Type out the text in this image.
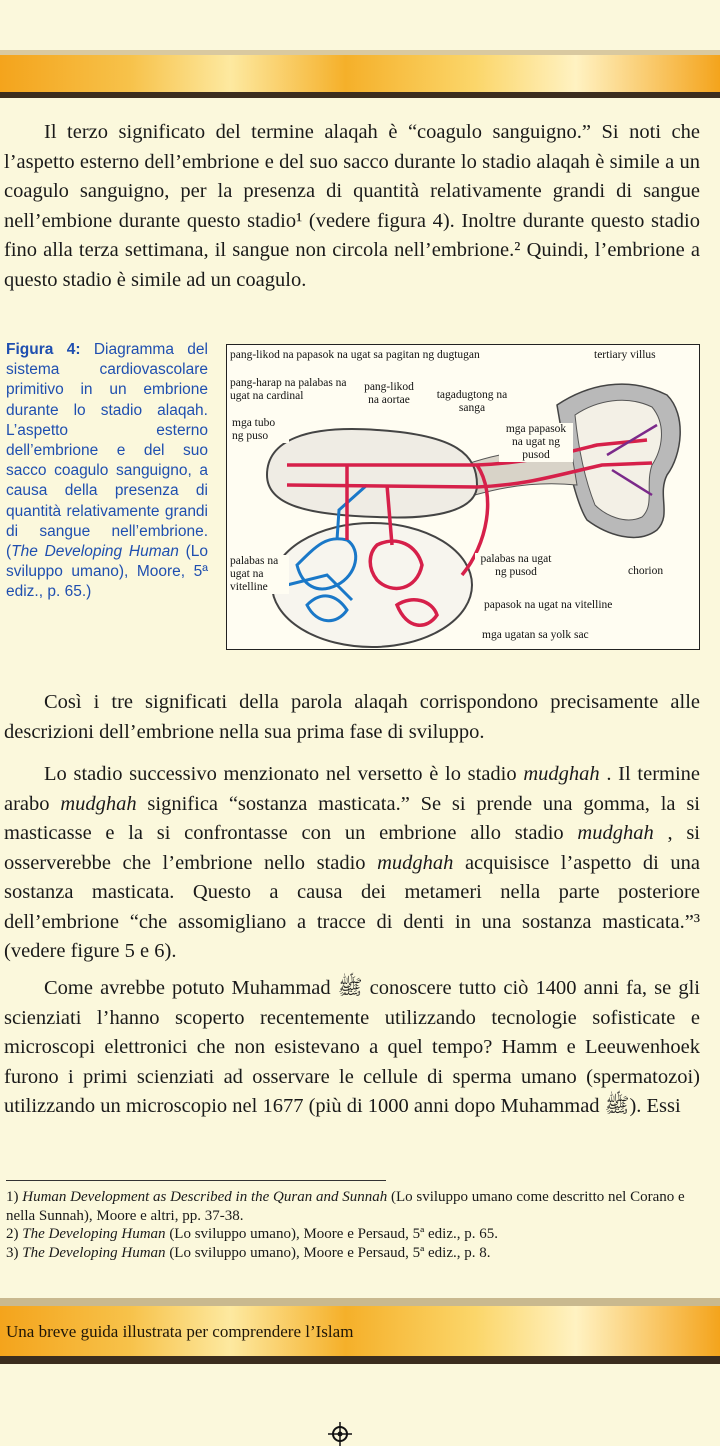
Il terzo significato del termine alaqah è “coagulo sanguigno.” Si noti che l’aspetto esterno dell’embrione e del suo sacco durante lo stadio alaqah è simile a un coagulo sanguigno, per la presenza di quantità relativamente grandi di sangue nell’embione durante questo stadio¹ (vedere figura 4). Inoltre durante questo stadio fino alla terza settimana, il sangue non circola nell’embrione.² Quindi, l’embrione a questo stadio è simile ad un coagulo.

Figura 4: Diagramma del sistema cardiovascolare primitivo in un embrione durante lo stadio alaqah. L’aspetto esterno dell’embrione e del suo sacco coagulo sanguigno, a causa della presenza di quantità relativamente grandi di sangue nell’embrione. (The Developing Human (Lo sviluppo umano), Moore, 5ª ediz., p. 65.)

pang-likod na papasok na ugat sa pagitan ng dugtugan	tertiary villus
pang-harap na palabas na ugat na cardinal
pang-likod na aortae	tagadugtong na sanga
mga tubo ng puso
mga papasok na ugat ng pusod
palabas na ugat na vitelline
palabas na ugat ng pusod	chorion
papasok na ugat na vitelline
mga ugatan sa yolk sac

Così i tre significati della parola alaqah corrispondono precisamente alle descrizioni dell’embrione nella sua prima fase di sviluppo.

Lo stadio successivo menzionato nel versetto è lo stadio mudghah . Il termine arabo mudghah significa “sostanza masticata.” Se si prende una gomma, la si masticasse e la si confrontasse con un embrione allo stadio mudghah , si osserverebbe che l’embrione nello stadio mudghah acquisisce l’aspetto di una sostanza masticata. Questo a causa dei metameri nella parte posteriore dell’embrione “che assomigliano a tracce di denti in una sostanza masticata.”³ (vedere figure 5 e 6).

Come avrebbe potuto Muhammad ﷺ conoscere tutto ciò 1400 anni fa, se gli scienziati l’hanno scoperto recentemente utilizzando tecnologie sofisticate e microscopi elettronici che non esistevano a quel tempo? Hamm e Leeuwenhoek furono i primi scienziati ad osservare le cellule di sperma umano (spermatozoi) utilizzando un microscopio nel 1677 (più di 1000 anni dopo Muhammad ﷺ). Essi

1) Human Development as Described in the Quran and Sunnah (Lo sviluppo umano come descritto nel Corano e nella Sunnah), Moore e altri, pp. 37-38.

2) The Developing Human (Lo sviluppo umano), Moore e Persaud, 5ª ediz., p. 65.

3) The Developing Human (Lo sviluppo umano), Moore e Persaud, 5ª ediz., p. 8.

Una breve guida illustrata per comprendere l’Islam
